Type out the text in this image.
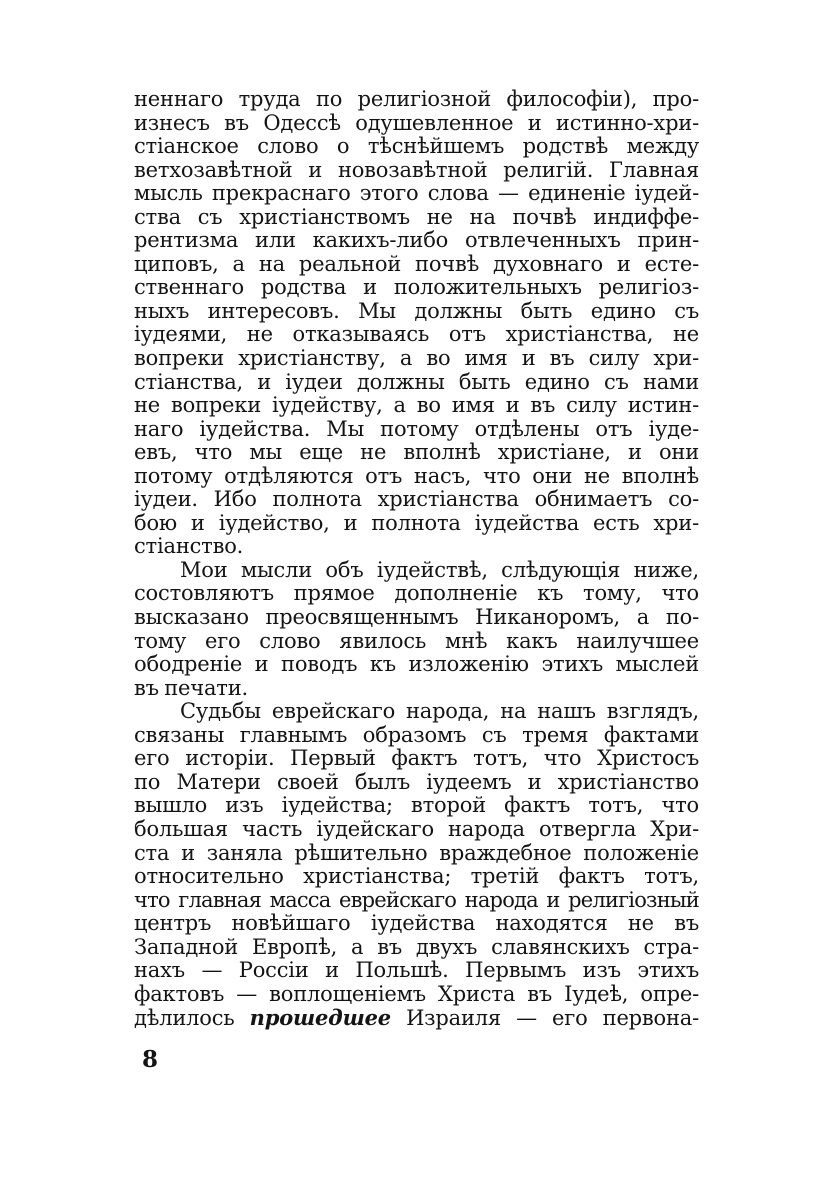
неннаго труда по религіозной философіи), про-
изнесъ въ Одессѣ одушевленное и истинно-хри-
стіанское слово о тѣснѣйшемъ родствѣ между
ветхозавѣтной и новозавѣтной религій. Главная
мысль прекраснаго этого слова — единеніе іудей-
ства съ христіанствомъ не на почвѣ индиффе-
рентизма или какихъ-либо отвлеченныхъ прин-
циповъ, а на реальной почвѣ духовнаго и есте-
ственнаго родства и положительныхъ религіоз-
ныхъ интересовъ. Мы должны быть едино съ
іудеями, не отказываясь отъ христіанства, не
вопреки христіанству, а во имя и въ силу хри-
стіанства, и іудеи должны быть едино съ нами
не вопреки іудейству, а во имя и въ силу истин-
наго іудейства. Мы потому отдѣлены отъ іуде-
евъ, что мы еще не вполнѣ христіане, и они
потому отдѣляются отъ насъ, что они не вполнѣ
іудеи. Ибо полнота христіанства обнимаетъ со-
бою и іудейство, и полнота іудейства есть хри-
стіанство.
Мои мысли объ іудействѣ, слѣдующія ниже,
состовляютъ прямое дополненіе къ тому, что
высказано преосвященнымъ Никаноромъ, а по-
тому его слово явилось мнѣ какъ наилучшее
ободреніе и поводъ къ изложенію этихъ мыслей
въ печати.
Судьбы еврейскаго народа, на нашъ взглядъ,
связаны главнымъ образомъ съ тремя фактами
его исторіи. Первый фактъ тотъ, что Христосъ
по Матери своей былъ іудеемъ и христіанство
вышло изъ іудейства; второй фактъ тотъ, что
большая часть іудейскаго народа отвергла Хри-
ста и заняла рѣшительно враждебное положеніе
относительно христіанства; третій фактъ тотъ,
что главная масса еврейскаго народа и религіозный
центръ новѣйшаго іудейства находятся не въ
Западной Европѣ, а въ двухъ славянскихъ стра-
нахъ — Россіи и Польшѣ. Первымъ изъ этихъ
фактовъ — воплощеніемъ Христа въ Іудеѣ, опре-
дѣлилось прошедшее Израиля — его первона-
8
